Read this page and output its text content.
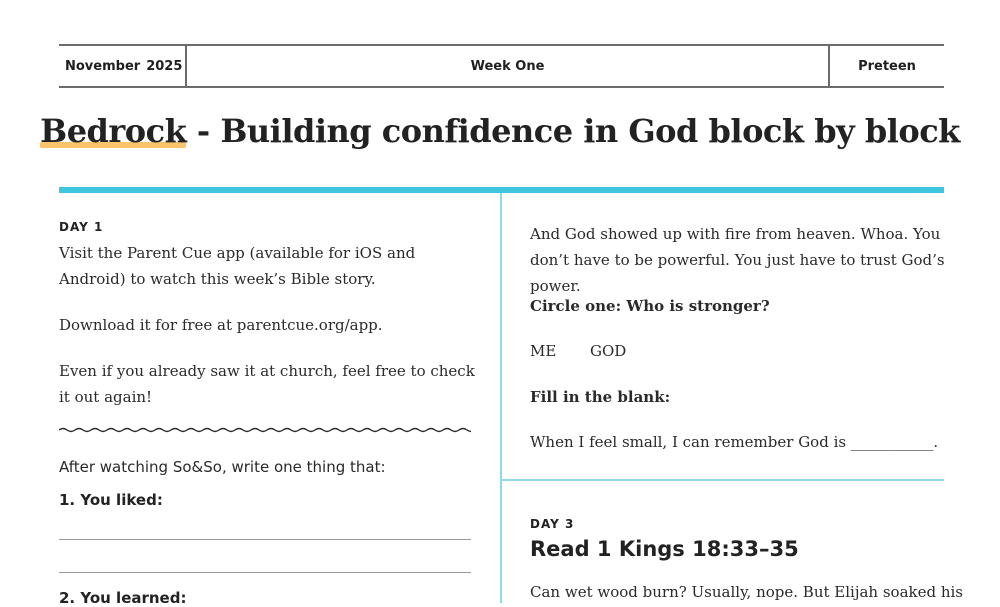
November 2025	Week One	Preteen
Bedrock - Building confidence in God block by block
DAY 1
Visit the Parent Cue app (available for iOS and Android) to watch this week’s Bible story.
Download it for free at parentcue.org/app.
Even if you already saw it at church, feel free to check it out again!
After watching So&So, write one thing that:
1. You liked:
2. You learned:
And God showed up with fire from heaven. Whoa. You don’t have to be powerful. You just have to trust God’s power.
Circle one: Who is stronger?
ME GOD
Fill in the blank:
When I feel small, I can remember God is ___________.
DAY 3
Read 1 Kings 18:33–35
Can wet wood burn? Usually, nope. But Elijah soaked his
